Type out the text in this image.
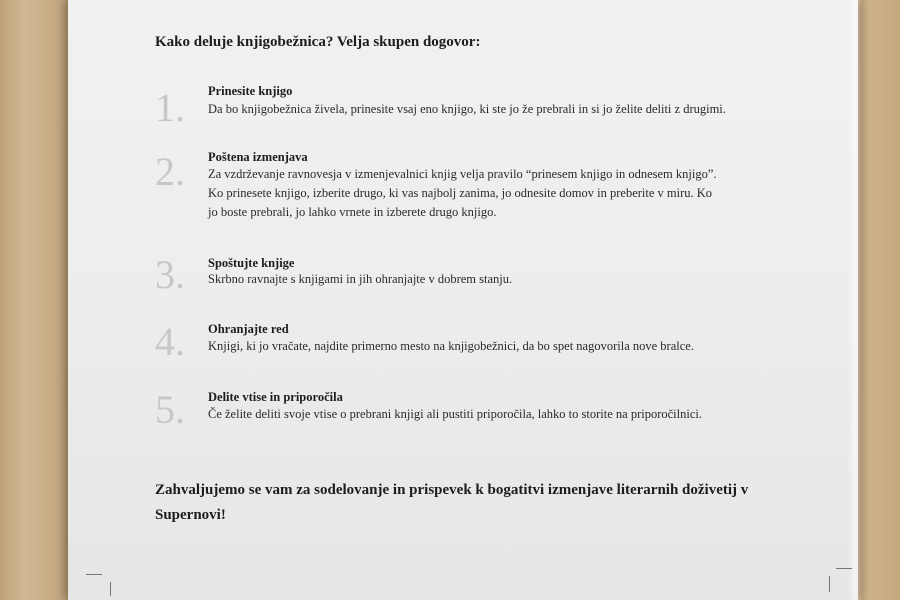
Kako deluje knjigobežnica? Velja skupen dogovor:
1. Prinesite knjigo
Da bo knjigobežnica živela, prinesite vsaj eno knjigo, ki ste jo že prebrali in si jo želite deliti z drugimi.
2. Poštena izmenjava
Za vzdrževanje ravnovesja v izmenjevalnici knjig velja pravilo “prinesem knjigo in odnesem knjigo”.
Ko prinesete knjigo, izberite drugo, ki vas najbolj zanima, jo odnesite domov in preberite v miru. Ko
jo boste prebrali, jo lahko vrnete in izberete drugo knjigo.
3. Spoštujte knjige
Skrbno ravnajte s knjigami in jih ohranjajte v dobrem stanju.
4. Ohranjajte red
Knjigi, ki jo vračate, najdite primerno mesto na knjigobežnici, da bo spet nagovorila nove bralce.
5. Delite vtise in priporočila
Če želite deliti svoje vtise o prebrani knjigi ali pustiti priporočila, lahko to storite na priporočilnici.
Zahvaljujemo se vam za sodelovanje in prispevek k bogatitvi izmenjave literarnih doživetij v
Supernovi!
